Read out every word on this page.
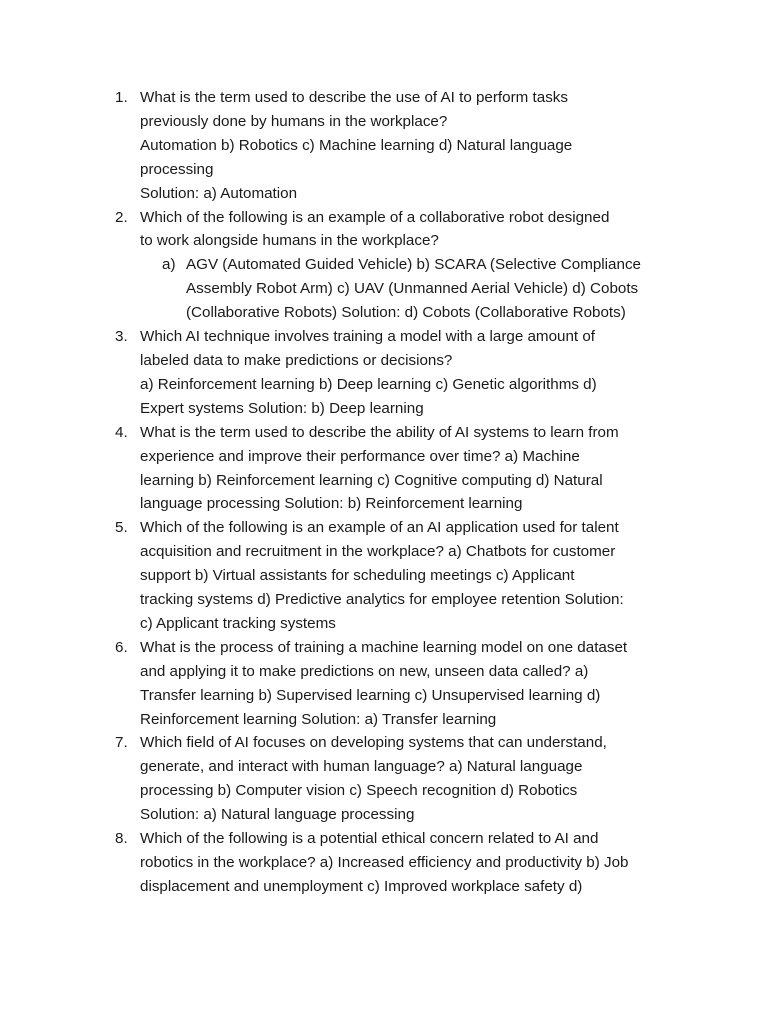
1. What is the term used to describe the use of AI to perform tasks
previously done by humans in the workplace?
Automation b) Robotics c) Machine learning d) Natural language
processing
Solution: a) Automation
2. Which of the following is an example of a collaborative robot designed
to work alongside humans in the workplace?
a) AGV (Automated Guided Vehicle) b) SCARA (Selective Compliance
Assembly Robot Arm) c) UAV (Unmanned Aerial Vehicle) d) Cobots
(Collaborative Robots) Solution: d) Cobots (Collaborative Robots)
3. Which AI technique involves training a model with a large amount of
labeled data to make predictions or decisions?
a) Reinforcement learning b) Deep learning c) Genetic algorithms d)
Expert systems Solution: b) Deep learning
4. What is the term used to describe the ability of AI systems to learn from
experience and improve their performance over time? a) Machine
learning b) Reinforcement learning c) Cognitive computing d) Natural
language processing Solution: b) Reinforcement learning
5. Which of the following is an example of an AI application used for talent
acquisition and recruitment in the workplace? a) Chatbots for customer
support b) Virtual assistants for scheduling meetings c) Applicant
tracking systems d) Predictive analytics for employee retention Solution:
c) Applicant tracking systems
6. What is the process of training a machine learning model on one dataset
and applying it to make predictions on new, unseen data called? a)
Transfer learning b) Supervised learning c) Unsupervised learning d)
Reinforcement learning Solution: a) Transfer learning
7. Which field of AI focuses on developing systems that can understand,
generate, and interact with human language? a) Natural language
processing b) Computer vision c) Speech recognition d) Robotics
Solution: a) Natural language processing
8. Which of the following is a potential ethical concern related to AI and
robotics in the workplace? a) Increased efficiency and productivity b) Job
displacement and unemployment c) Improved workplace safety d)
